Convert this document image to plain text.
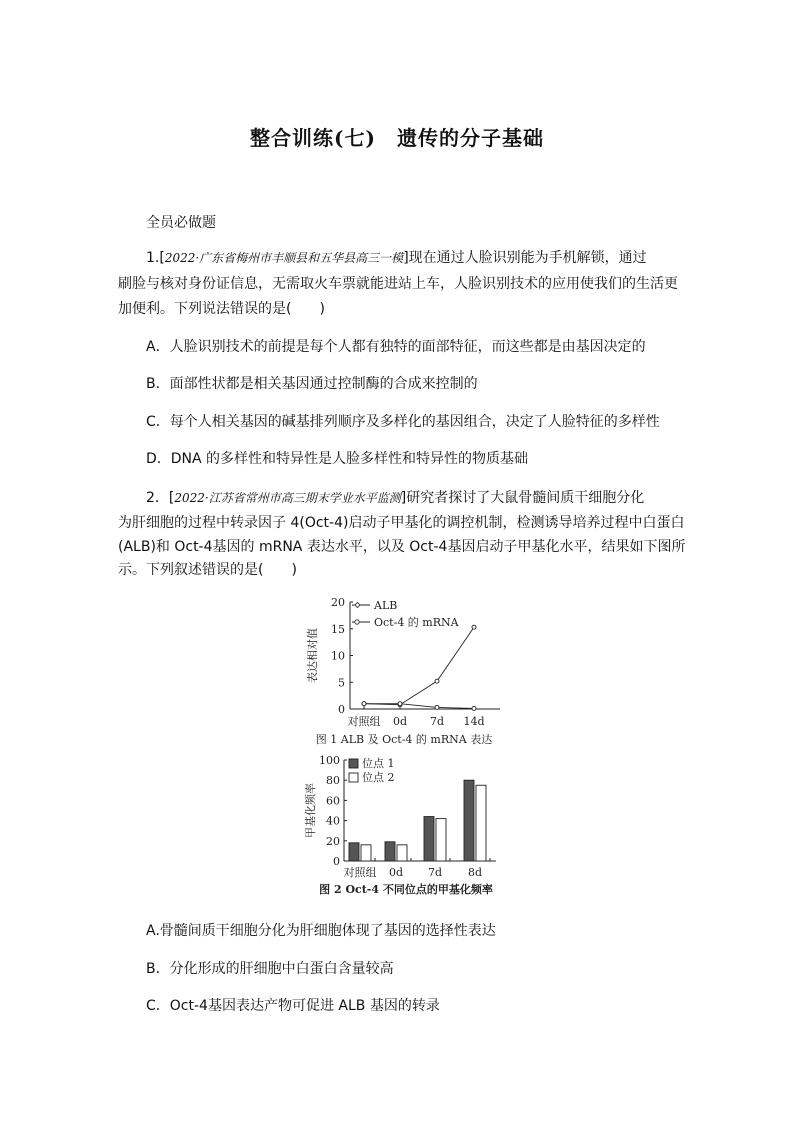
整合训练(七)　遗传的分子基础
全员必做题
1.[2022·广东省梅州市丰顺县和五华县高三一模]现在通过人脸识别能为手机解锁，通过
刷脸与核对身份证信息，无需取火车票就能进站上车，人脸识别技术的应用使我们的生活更
加便利。下列说法错误的是(　　)
A．人脸识别技术的前提是每个人都有独特的面部特征，而这些都是由基因决定的
B．面部性状都是相关基因通过控制酶的合成来控制的
C．每个人相关基因的碱基排列顺序及多样化的基因组合，决定了人脸特征的多样性
D．DNA 的多样性和特异性是人脸多样性和特异性的物质基础
2．[2022·江苏省常州市高三期末学业水平监测]研究者探讨了大鼠骨髓间质干细胞分化
为肝细胞的过程中转录因子 4(Oct-4)启动子甲基化的调控机制，检测诱导培养过程中白蛋白
(ALB)和 Oct-4基因的 mRNA 表达水平，以及 Oct-4基因启动子甲基化水平，结果如下图所
示。下列叙述错误的是(　　)
0
5
10
15
20
对照组 0d 7d 14d
表达相对值
ALB
Oct-4 的 mRNA
图 1 ALB 及 Oct-4 的 mRNA 表达
0
20
40
60
80
100
对照组 0d 7d 8d
甲基化频率
位点 1
位点 2
图 2 Oct-4 不同位点的甲基化频率
A.骨髓间质干细胞分化为肝细胞体现了基因的选择性表达
B．分化形成的肝细胞中白蛋白含量较高
C．Oct-4基因表达产物可促进 ALB 基因的转录
